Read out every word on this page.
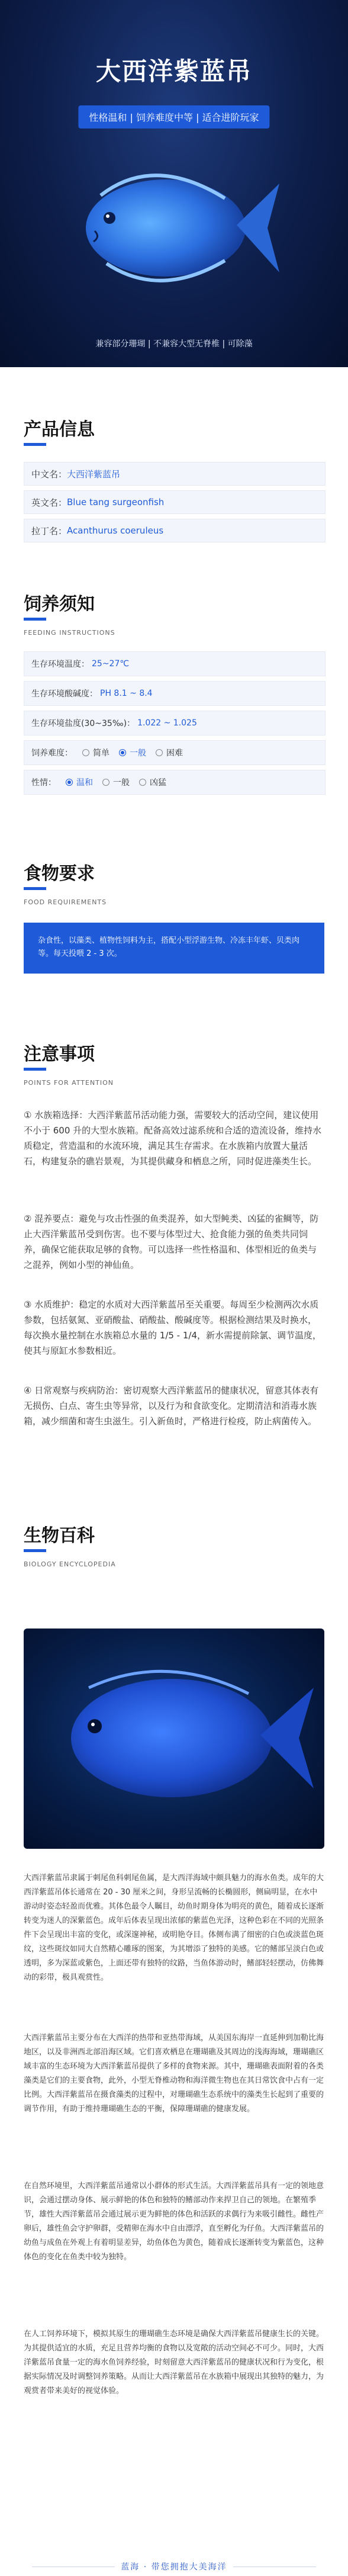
大西洋紫蓝吊
性格温和 | 饲养难度中等 | 适合进阶玩家
兼容部分珊瑚 | 不兼容大型无脊椎 | 可除藻
产品信息
中文名： 大西洋紫蓝吊
英文名： Blue tang surgeonfish
拉丁名： Acanthurus coeruleus
饲养须知
FEEDING INSTRUCTIONS
生存环境温度： 25~27℃
生存环境酸碱度： PH 8.1 ~ 8.4
生存环境盐度(30~35‰)： 1.022 ~ 1.025
饲养难度： 简单 一般 困难
性情： 温和 一般 凶猛
食物要求
FOOD REQUIREMENTS
杂食性，以藻类、植物性饲料为主，搭配小型浮游生物、冷冻丰年虾、贝类肉等。每天投喂 2 - 3 次。
注意事项
POINTS FOR ATTENTION

① 水族箱选择：大西洋紫蓝吊活动能力强，需要较大的活动空间，建议使用不小于 600 升的大型水族箱。配备高效过滤系统和合适的造流设备，维持水质稳定，营造温和的水流环境，满足其生存需求。在水族箱内放置大量活石，构建复杂的礁岩景观，为其提供藏身和栖息之所，同时促进藻类生长。

② 混养要点：避免与攻击性强的鱼类混养，如大型鲀类、凶猛的雀鲷等，防止大西洋紫蓝吊受到伤害。也不要与体型过大、抢食能力强的鱼类共同饲养，确保它能获取足够的食物。可以选择一些性格温和、体型相近的鱼类与之混养，例如小型的神仙鱼。

③ 水质维护：稳定的水质对大西洋紫蓝吊至关重要。每周至少检测两次水质参数，包括氨氮、亚硝酸盐、硝酸盐、酸碱度等。根据检测结果及时换水，每次换水量控制在水族箱总水量的 1/5 - 1/4，新水需提前除氯、调节温度，使其与原缸水参数相近。

④ 日常观察与疾病防治：密切观察大西洋紫蓝吊的健康状况，留意其体表有无损伤、白点、寄生虫等异常，以及行为和食欲变化。定期清洁和消毒水族箱，减少细菌和寄生虫滋生。引入新鱼时，严格进行检疫，防止病菌传入。

生物百科
BIOLOGY ENCYCLOPEDIA

大西洋紫蓝吊隶属于刺尾鱼科刺尾鱼属，是大西洋海域中颇具魅力的海水鱼类。成年的大西洋紫蓝吊体长通常在 20 - 30 厘米之间，身形呈流畅的长椭圆形，侧扁明显，在水中游动时姿态轻盈而优雅。其体色最令人瞩目，幼鱼时期身体为明亮的黄色，随着成长逐渐转变为迷人的深紫蓝色。成年后体表呈现出浓郁的紫蓝色光泽，这种色彩在不同的光照条件下会呈现出丰富的变化，或深邃神秘，或明艳夺目。体侧布满了细密的白色或淡蓝色斑纹，这些斑纹如同大自然精心雕琢的图案，为其增添了独特的美感。它的鳍部呈淡白色或透明，多为深蓝或紫色，上面还带有独特的纹路，当鱼体游动时，鳍部轻轻摆动，仿佛舞动的彩带，极具观赏性。

大西洋紫蓝吊主要分布在大西洋的热带和亚热带海域，从美国东海岸一直延伸到加勒比海地区，以及非洲西北部沿海区域。它们喜欢栖息在珊瑚礁及其周边的浅海海域，珊瑚礁区域丰富的生态环境为大西洋紫蓝吊提供了多样的食物来源。其中，珊瑚礁表面附着的各类藻类是它们的主要食物，此外，小型无脊椎动物和海洋微生物也在其日常饮食中占有一定比例。大西洋紫蓝吊在摄食藻类的过程中，对珊瑚礁生态系统中的藻类生长起到了重要的调节作用，有助于维持珊瑚礁生态的平衡，保障珊瑚礁的健康发展。

在自然环境里，大西洋紫蓝吊通常以小群体的形式生活。大西洋紫蓝吊具有一定的领地意识，会通过摆动身体、展示鲜艳的体色和独特的鳍部动作来捍卫自己的领地。在繁殖季节，雄性大西洋紫蓝吊会通过展示更为鲜艳的体色和活跃的求偶行为来吸引雌性。雌性产卵后，雄性鱼会守护卵群，受精卵在海水中自由漂浮，直至孵化为仔鱼。大西洋紫蓝吊的幼鱼与成鱼在外观上有着明显差异，幼鱼体色为黄色，随着成长逐渐转变为紫蓝色，这种体色的变化在鱼类中较为独特。

在人工饲养环境下，模拟其原生的珊瑚礁生态环境是确保大西洋紫蓝吊健康生长的关键。为其提供适宜的水质，充足且营养均衡的食物以及宽敞的活动空间必不可少。同时，大西洋紫蓝吊食量一定的海水鱼饲养经验，时刻留意大西洋紫蓝吊的健康状况和行为变化，根据实际情况及时调整饲养策略。从而让大西洋紫蓝吊在水族箱中展现出其独特的魅力，为观赏者带来美好的视觉体验。

蓝海 · 带您拥抱大美海洋
